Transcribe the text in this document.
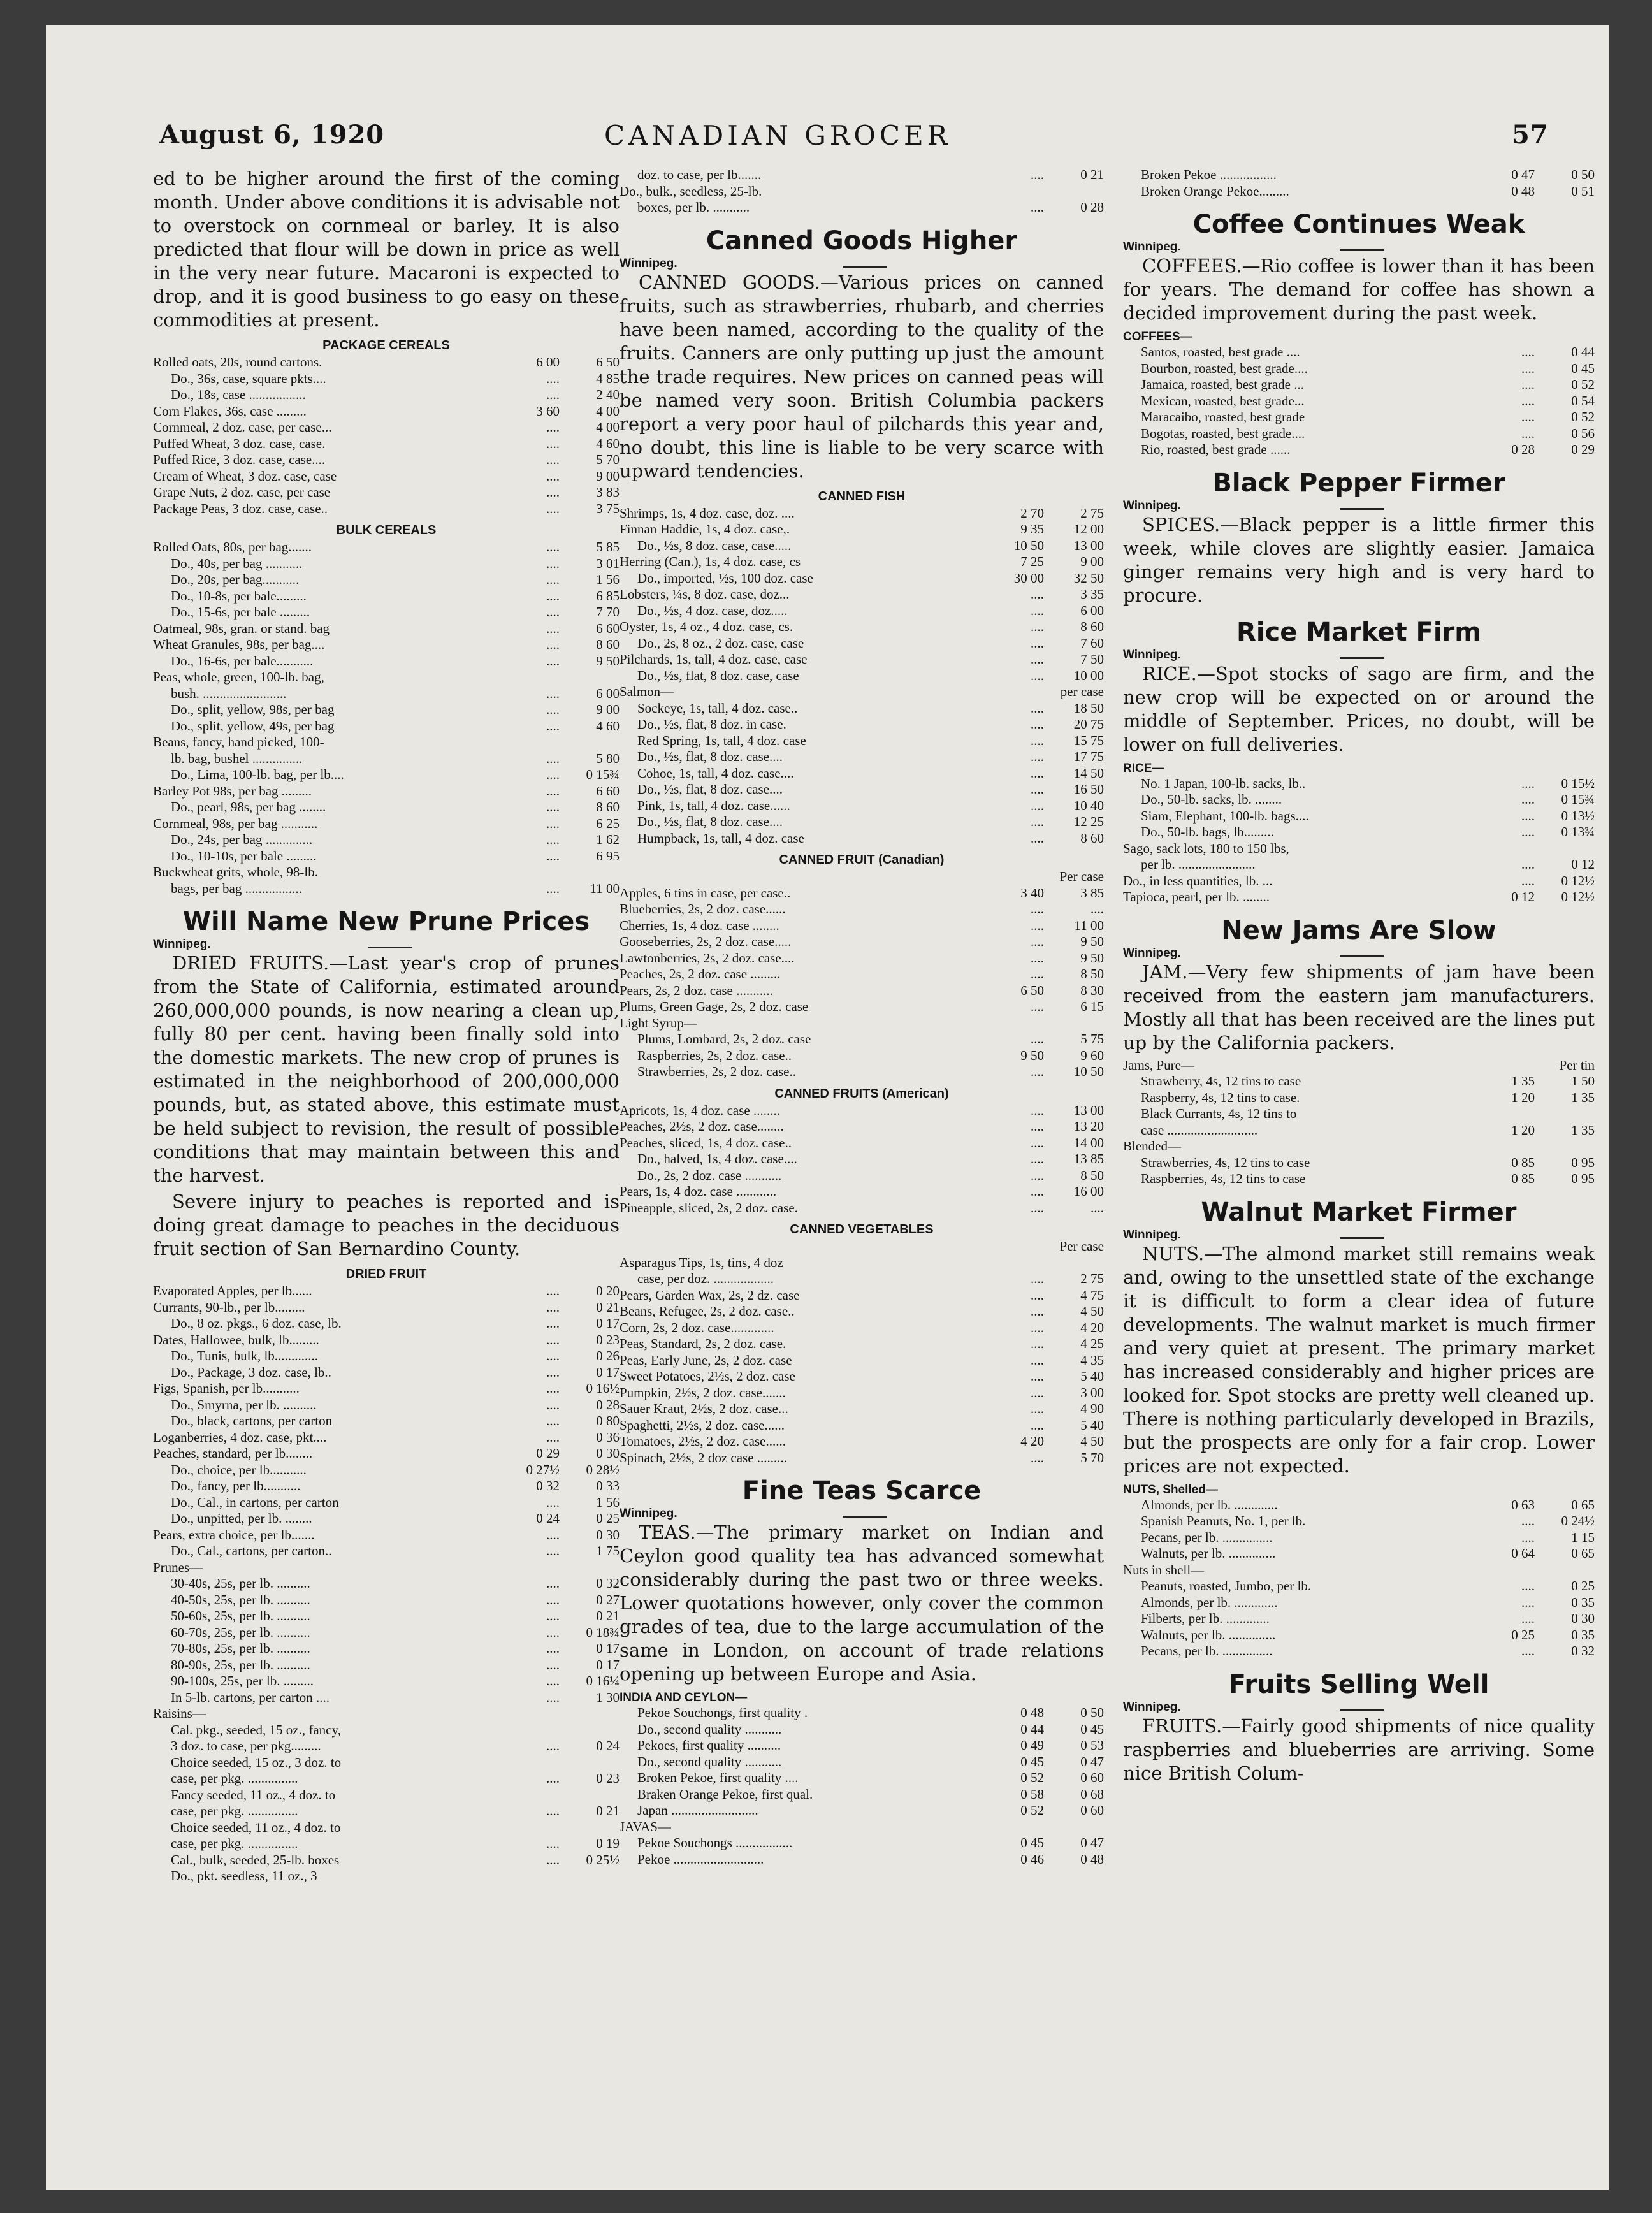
August 6, 1920	CANADIAN GROCER	57

ed to be higher around the first of the coming month. Under above conditions it is advisable not to overstock on cornmeal or barley. It is also predicted that flour will be down in price as well in the very near future. Macaroni is expected to drop, and it is good business to go easy on these commodities at present.

PACKAGE CEREALS
Rolled oats, 20s, round cartons.	6 00	6 50
Do., 36s, case, square pkts....	....	4 85
Do., 18s, case .................	....	2 40
Corn Flakes, 36s, case .........	3 60	4 00
Cornmeal, 2 doz. case, per case...	....	4 00
Puffed Wheat, 3 doz. case, case.	....	4 60
Puffed Rice, 3 doz. case, case....	....	5 70
Cream of Wheat, 3 doz. case, case	....	9 00
Grape Nuts, 2 doz. case, per case	....	3 83
Package Peas, 3 doz. case, case..	....	3 75
BULK CEREALS
Rolled Oats, 80s, per bag.......	....	5 85
Do., 40s, per bag ...........	....	3 01
Do., 20s, per bag...........	....	1 56
Do., 10-8s, per bale.........	....	6 85
Do., 15-6s, per bale .........	....	7 70
Oatmeal, 98s, gran. or stand. bag	....	6 60
Wheat Granules, 98s, per bag....	....	8 60
Do., 16-6s, per bale...........	....	9 50
Peas, whole, green, 100-lb. bag,
bush. .........................	....	6 00
Do., split, yellow, 98s, per bag	....	9 00
Do., split, yellow, 49s, per bag	....	4 60
Beans, fancy, hand picked, 100-
lb. bag, bushel ...............	....	5 80
Do., Lima, 100-lb. bag, per lb....	....	0 15¾
Barley Pot 98s, per bag .........	....	6 60
Do., pearl, 98s, per bag ........	....	8 60
Cornmeal, 98s, per bag ...........	....	6 25
Do., 24s, per bag ..............	....	1 62
Do., 10-10s, per bale .........	....	6 95
Buckwheat grits, whole, 98-lb.
bags, per bag .................	....	11 00
Will Name New Prune Prices
Winnipeg.

DRIED FRUITS.—Last year's crop of prunes from the State of California, estimated around 260,000,000 pounds, is now nearing a clean up, fully 80 per cent. having been finally sold into the domestic markets. The new crop of prunes is estimated in the neighborhood of 200,000,000 pounds, but, as stated above, this estimate must be held subject to revision, the result of possible conditions that may maintain between this and the harvest.

Severe injury to peaches is reported and is doing great damage to peaches in the deciduous fruit section of San Bernardino County.

DRIED FRUIT
Evaporated Apples, per lb......	....	0 20
Currants, 90-lb., per lb.........	....	0 21
Do., 8 oz. pkgs., 6 doz. case, lb.	....	0 17
Dates, Hallowee, bulk, lb.........	....	0 23
Do., Tunis, bulk, lb.............	....	0 26
Do., Package, 3 doz. case, lb..	....	0 17
Figs, Spanish, per lb...........	....	0 16½
Do., Smyrna, per lb. ..........	....	0 28
Do., black, cartons, per carton	....	0 80
Loganberries, 4 doz. case, pkt....	....	0 36
Peaches, standard, per lb........	0 29	0 30
Do., choice, per lb...........	0 27½	0 28½
Do., fancy, per lb...........	0 32	0 33
Do., Cal., in cartons, per carton	....	1 56
Do., unpitted, per lb. ........	0 24	0 25
Pears, extra choice, per lb.......	....	0 30
Do., Cal., cartons, per carton..	....	1 75
Prunes—
30-40s, 25s, per lb. ..........	....	0 32
40-50s, 25s, per lb. ..........	....	0 27
50-60s, 25s, per lb. ..........	....	0 21
60-70s, 25s, per lb. ..........	....	0 18¾
70-80s, 25s, per lb. ..........	....	0 17
80-90s, 25s, per lb. ..........	....	0 17
90-100s, 25s, per lb. .........	....	0 16¼
In 5-lb. cartons, per carton ....	....	1 30
Raisins—
Cal. pkg., seeded, 15 oz., fancy,
3 doz. to case, per pkg.........	....	0 24
Choice seeded, 15 oz., 3 doz. to
case, per pkg. ...............	....	0 23
Fancy seeded, 11 oz., 4 doz. to
case, per pkg. ...............	....	0 21
Choice seeded, 11 oz., 4 doz. to
case, per pkg. ...............	....	0 19
Cal., bulk, seeded, 25-lb. boxes	....	0 25½
Do., pkt. seedless, 11 oz., 3
doz. to case, per lb.......	....	0 21
Do., bulk., seedless, 25-lb.
boxes, per lb. ...........	....	0 28
Canned Goods Higher
Winnipeg.

CANNED GOODS.—Various prices on canned fruits, such as strawberries, rhubarb, and cherries have been named, according to the quality of the fruits. Canners are only putting up just the amount the trade requires. New prices on canned peas will be named very soon. British Columbia packers report a very poor haul of pilchards this year and, no doubt, this line is liable to be very scarce with upward tendencies.

CANNED FISH
Shrimps, 1s, 4 doz. case, doz. ....	2 70	2 75
Finnan Haddie, 1s, 4 doz. case,.	9 35	12 00
Do., ½s, 8 doz. case, case.....	10 50	13 00
Herring (Can.), 1s, 4 doz. case, cs	7 25	9 00
Do., imported, ½s, 100 doz. case	30 00	32 50
Lobsters, ¼s, 8 doz. case, doz...	....	3 35
Do., ½s, 4 doz. case, doz.....	....	6 00
Oyster, 1s, 4 oz., 4 doz. case, cs.	....	8 60
Do., 2s, 8 oz., 2 doz. case, case	....	7 60
Pilchards, 1s, tall, 4 doz. case, case	....	7 50
Do., ½s, flat, 8 doz. case, case	....	10 00
Salmon—	per case
Sockeye, 1s, tall, 4 doz. case..	....	18 50
Do., ½s, flat, 8 doz. in case.	....	20 75
Red Spring, 1s, tall, 4 doz. case	....	15 75
Do., ½s, flat, 8 doz. case....	....	17 75
Cohoe, 1s, tall, 4 doz. case....	....	14 50
Do., ½s, flat, 8 doz. case....	....	16 50
Pink, 1s, tall, 4 doz. case......	....	10 40
Do., ½s, flat, 8 doz. case....	....	12 25
Humpback, 1s, tall, 4 doz. case	....	8 60
CANNED FRUIT (Canadian)
Per case
Apples, 6 tins in case, per case..	3 40	3 85
Blueberries, 2s, 2 doz. case......	....	....
Cherries, 1s, 4 doz. case ........	....	11 00
Gooseberries, 2s, 2 doz. case.....	....	9 50
Lawtonberries, 2s, 2 doz. case....	....	9 50
Peaches, 2s, 2 doz. case .........	....	8 50
Pears, 2s, 2 doz. case ...........	6 50	8 30
Plums, Green Gage, 2s, 2 doz. case	....	6 15
Light Syrup—
Plums, Lombard, 2s, 2 doz. case	....	5 75
Raspberries, 2s, 2 doz. case..	9 50	9 60
Strawberries, 2s, 2 doz. case..	....	10 50
CANNED FRUITS (American)
Apricots, 1s, 4 doz. case ........	....	13 00
Peaches, 2½s, 2 doz. case........	....	13 20
Peaches, sliced, 1s, 4 doz. case..	....	14 00
Do., halved, 1s, 4 doz. case....	....	13 85
Do., 2s, 2 doz. case ...........	....	8 50
Pears, 1s, 4 doz. case ............	....	16 00
Pineapple, sliced, 2s, 2 doz. case.	....	....
CANNED VEGETABLES
Per case
Asparagus Tips, 1s, tins, 4 doz
case, per doz. ..................	....	2 75
Pears, Garden Wax, 2s, 2 dz. case	....	4 75
Beans, Refugee, 2s, 2 doz. case..	....	4 50
Corn, 2s, 2 doz. case.............	....	4 20
Peas, Standard, 2s, 2 doz. case.	....	4 25
Peas, Early June, 2s, 2 doz. case	....	4 35
Sweet Potatoes, 2½s, 2 doz. case	....	5 40
Pumpkin, 2½s, 2 doz. case.......	....	3 00
Sauer Kraut, 2½s, 2 doz. case...	....	4 90
Spaghetti, 2½s, 2 doz. case......	....	5 40
Tomatoes, 2½s, 2 doz. case......	4 20	4 50
Spinach, 2½s, 2 doz case .........	....	5 70
Fine Teas Scarce
Winnipeg.

TEAS.—The primary market on Indian and Ceylon good quality tea has advanced somewhat considerably during the past two or three weeks. Lower quotations however, only cover the common grades of tea, due to the large accumulation of the same in London, on account of trade relations opening up between Europe and Asia.

INDIA AND CEYLON—
Pekoe Souchongs, first quality .	0 48	0 50
Do., second quality ...........	0 44	0 45
Pekoes, first quality ..........	0 49	0 53
Do., second quality ...........	0 45	0 47
Broken Pekoe, first quality ....	0 52	0 60
Braken Orange Pekoe, first qual.	0 58	0 68
Japan ..........................	0 52	0 60
JAVAS—
Pekoe Souchongs .................	0 45	0 47
Pekoe ...........................	0 46	0 48
Broken Pekoe .................	0 47	0 50
Broken Orange Pekoe.........	0 48	0 51
Coffee Continues Weak
Winnipeg.

COFFEES.—Rio coffee is lower than it has been for years. The demand for coffee has shown a decided improvement during the past week.

COFFEES—
Santos, roasted, best grade ....	....	0 44
Bourbon, roasted, best grade....	....	0 45
Jamaica, roasted, best grade ...	....	0 52
Mexican, roasted, best grade...	....	0 54
Maracaibo, roasted, best grade	....	0 52
Bogotas, roasted, best grade....	....	0 56
Rio, roasted, best grade ......	0 28	0 29
Black Pepper Firmer
Winnipeg.

SPICES.—Black pepper is a little firmer this week, while cloves are slightly easier. Jamaica ginger remains very high and is very hard to procure.

Rice Market Firm
Winnipeg.

RICE.—Spot stocks of sago are firm, and the new crop will be expected on or around the middle of September. Prices, no doubt, will be lower on full deliveries.

RICE—
No. 1 Japan, 100-lb. sacks, lb..	....	0 15½
Do., 50-lb. sacks, lb. ........	....	0 15¾
Siam, Elephant, 100-lb. bags....	....	0 13½
Do., 50-lb. bags, lb.........	....	0 13¾
Sago, sack lots, 180 to 150 lbs,
per lb. .......................	....	0 12
Do., in less quantities, lb. ...	....	0 12½
Tapioca, pearl, per lb. ........	0 12	0 12½
New Jams Are Slow
Winnipeg.

JAM.—Very few shipments of jam have been received from the eastern jam manufacturers. Mostly all that has been received are the lines put up by the California packers.

Jams, Pure—	Per tin
Strawberry, 4s, 12 tins to case	1 35	1 50
Raspberry, 4s, 12 tins to case.	1 20	1 35
Black Currants, 4s, 12 tins to
case ...........................	1 20	1 35
Blended—
Strawberries, 4s, 12 tins to case	0 85	0 95
Raspberries, 4s, 12 tins to case	0 85	0 95
Walnut Market Firmer
Winnipeg.

NUTS.—The almond market still remains weak and, owing to the unsettled state of the exchange it is difficult to form a clear idea of future developments. The walnut market is much firmer and very quiet at present. The primary market has increased considerably and higher prices are looked for. Spot stocks are pretty well cleaned up. There is nothing particularly developed in Brazils, but the prospects are only for a fair crop. Lower prices are not expected.

NUTS, Shelled—
Almonds, per lb. .............	0 63	0 65
Spanish Peanuts, No. 1, per lb.	....	0 24½
Pecans, per lb. ...............	....	1 15
Walnuts, per lb. ..............	0 64	0 65
Nuts in shell—
Peanuts, roasted, Jumbo, per lb.	....	0 25
Almonds, per lb. .............	....	0 35
Filberts, per lb. .............	....	0 30
Walnuts, per lb. ..............	0 25	0 35
Pecans, per lb. ...............	....	0 32
Fruits Selling Well
Winnipeg.

FRUITS.—Fairly good shipments of nice quality raspberries and blueberries are arriving. Some nice British Colum-
